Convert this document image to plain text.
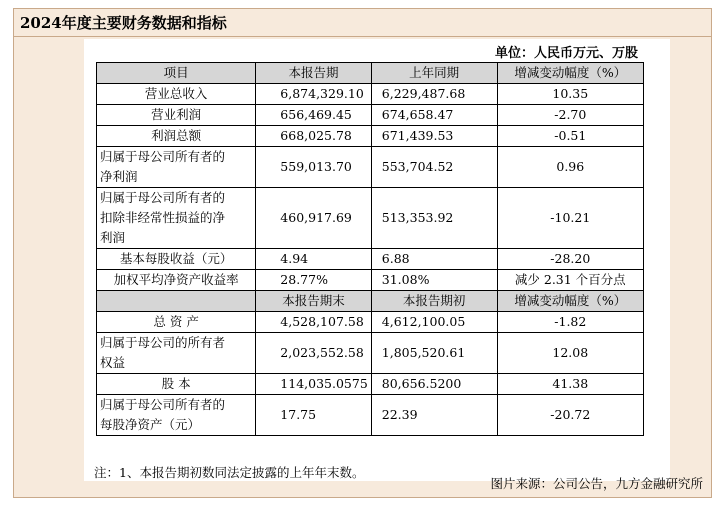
2024年度主要财务数据和指标
单位：人民币万元、万股
项目	本报告期	上年同期	增减变动幅度（%）

营业总收入	6,874,329.10	6,229,487.68	10.35

营业利润	656,469.45	674,658.47	-2.70

利润总额	668,025.78	671,439.53	-0.51

归属于母公司所有者的
净利润	559,013.70	553,704.52	0.96

归属于母公司所有者的
扣除非经常性损益的净
利润	460,917.69	513,353.92	-10.21

基本每股收益（元）	4.94	6.88	-28.20

加权平均净资产收益率	28.77%	31.08%	减少 2.31 个百分点
	本报告期末	本报告期初	增减变动幅度（%）

总 资 产	4,528,107.58	4,612,100.05	-1.82

归属于母公司的所有者
权益	2,023,552.58	1,805,520.61	12.08

股 本	114,035.0575	80,656.5200	41.38

归属于母公司所有者的
每股净资产（元）	17.75	22.39	-20.72
注：1、本报告期初数同法定披露的上年年末数。
图片来源：公司公告，九方金融研究所
